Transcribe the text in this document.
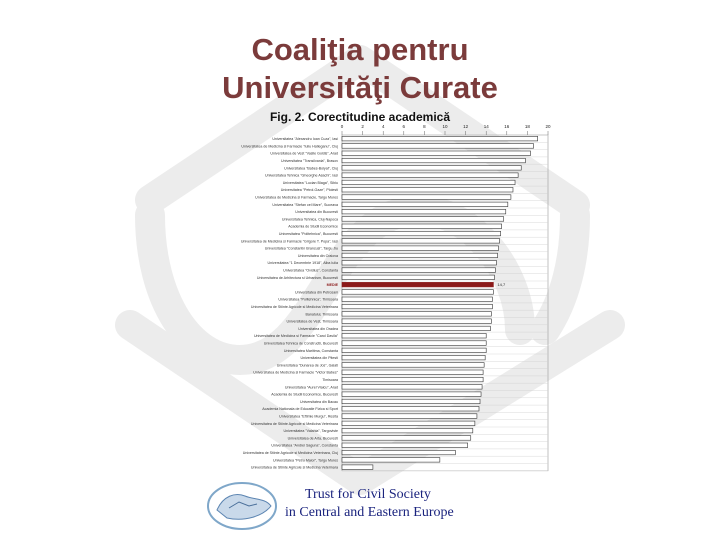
Coaliţia pentru
Universităţi Curate
Fig. 2. Corectitudine academică
0	2	4	6	8	10	12	14	16	18	20
Universitatea "Alexandru Ioan Cuza", Iasi
Universitatea de Medicina si Farmacie "Iuliu Hatieganu", Cluj
Universitatea de Vest "Vasile Goldis", Arad
Universitatea "Transilvania", Brasov
Universitatea "Babes-Bolyai", Cluj
Universitatea Tehnica "Gheorghe Asachi", Iasi
Universitatea "Lucian Blaga", Sibiu
Universitatea "Petrol-Gaze", Ploiesti
Universitatea de Medicina si Farmacie, Targu Mures
Universitatea "Stefan cel Mare", Suceava
Universitatea din Bucuresti
Universitatea Tehnica, Cluj-Napoca
Academia de Studii Economice
Universitatea "Politehnica", Bucuresti
Universitatea de Medicina si Farmacie "Grigore T. Popa", Iasi
Universitatea "Constantin Brancusi", Targu Jiu
Universitatea din Craiova
Universitatea "1 Decembrie 1918", Alba Iulia
Universitatea "Ovidius", Constanta
Universitatea de Arhitectura si Urbanism, Bucuresti
MEDIE
Universitatea din Petrosani
Universitatea "Politehnica", Timisoara
Universitatea de Stiinte Agricole si Medicina Veterinara
Banatului, Timisoara
Universitatea de Vest, Timisoara
Universitatea din Oradea
Universitatea de Medicina si Farmacie "Carol Davila"
Universitatea Tehnica de Constructii, Bucuresti
Universitatea Maritima, Constanta
Universitatea din Pitesti
Universitatea "Dunarea de Jos", Galati
Universitatea de Medicina si Farmacie "Victor Babes"
Timisoara
Universitatea "Aurel Vlaicu", Arad
Academia de Studii Economice, Bucuresti
Universitatea din Bacau
Academia Nationala de Educatie Fizica si Sport
Universitatea "Eftimie Murgu", Resita
Universitatea de Stiinte Agricole si Medicina Veterinara
Universitatea "Valahia", Targoviste
Universitatea de Arta, Bucuresti
Universitatea "Andrei Saguna", Constanta
Universitatea de Stiinte Agricole si Medicina Veterinara, Cluj
Universitatea "Petru Maior", Targu Mures
Universitatea de Stiinte Agricole si Medicina Veterinara
14,7
Trust for Civil Society
in Central and Eastern Europe
